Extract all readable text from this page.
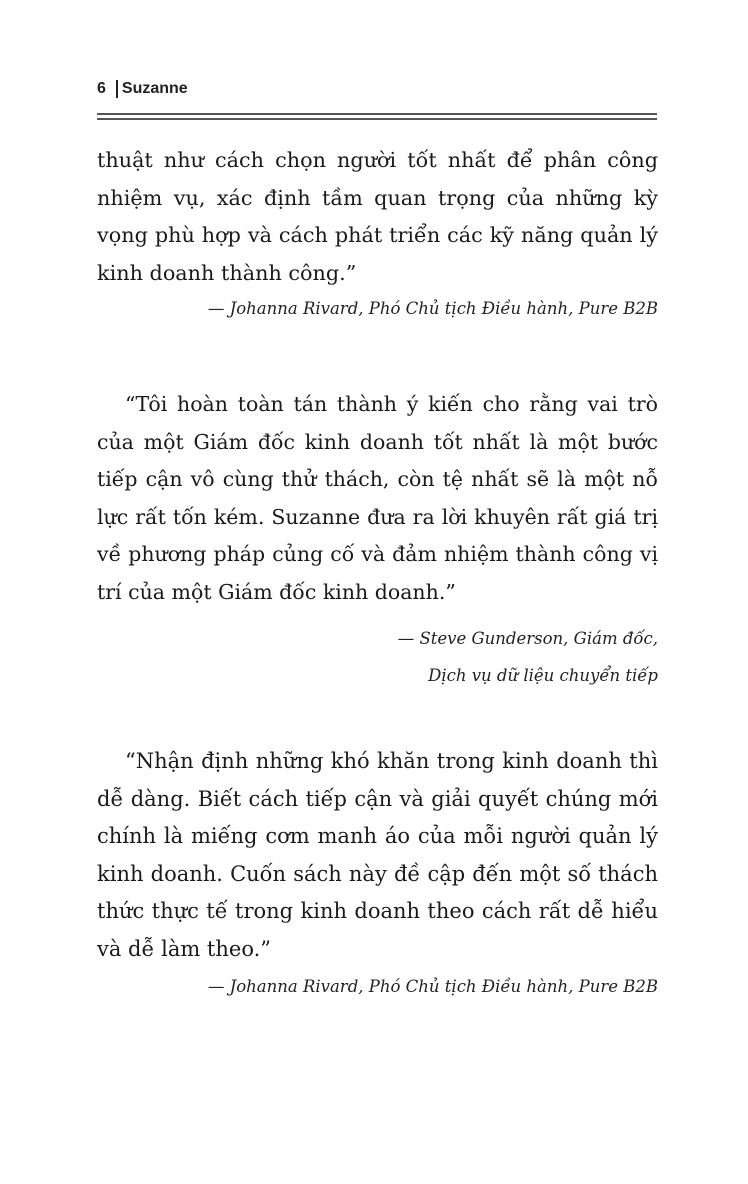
6 Suzanne
thuật như cách chọn người tốt nhất để phân công
nhiệm vụ, xác định tầm quan trọng của những kỳ
vọng phù hợp và cách phát triển các kỹ năng quản lý
kinh doanh thành công.”
— Johanna Rivard, Phó Chủ tịch Điều hành, Pure B2B
“Tôi hoàn toàn tán thành ý kiến cho rằng vai trò
của một Giám đốc kinh doanh tốt nhất là một bước
tiếp cận vô cùng thử thách, còn tệ nhất sẽ là một nỗ
lực rất tốn kém. Suzanne đưa ra lời khuyên rất giá trị
về phương pháp củng cố và đảm nhiệm thành công vị
trí của một Giám đốc kinh doanh.”
— Steve Gunderson, Giám đốc,
Dịch vụ dữ liệu chuyển tiếp
“Nhận định những khó khăn trong kinh doanh thì
dễ dàng. Biết cách tiếp cận và giải quyết chúng mới
chính là miếng cơm manh áo của mỗi người quản lý
kinh doanh. Cuốn sách này đề cập đến một số thách
thức thực tế trong kinh doanh theo cách rất dễ hiểu
và dễ làm theo.”
— Johanna Rivard, Phó Chủ tịch Điều hành, Pure B2B
